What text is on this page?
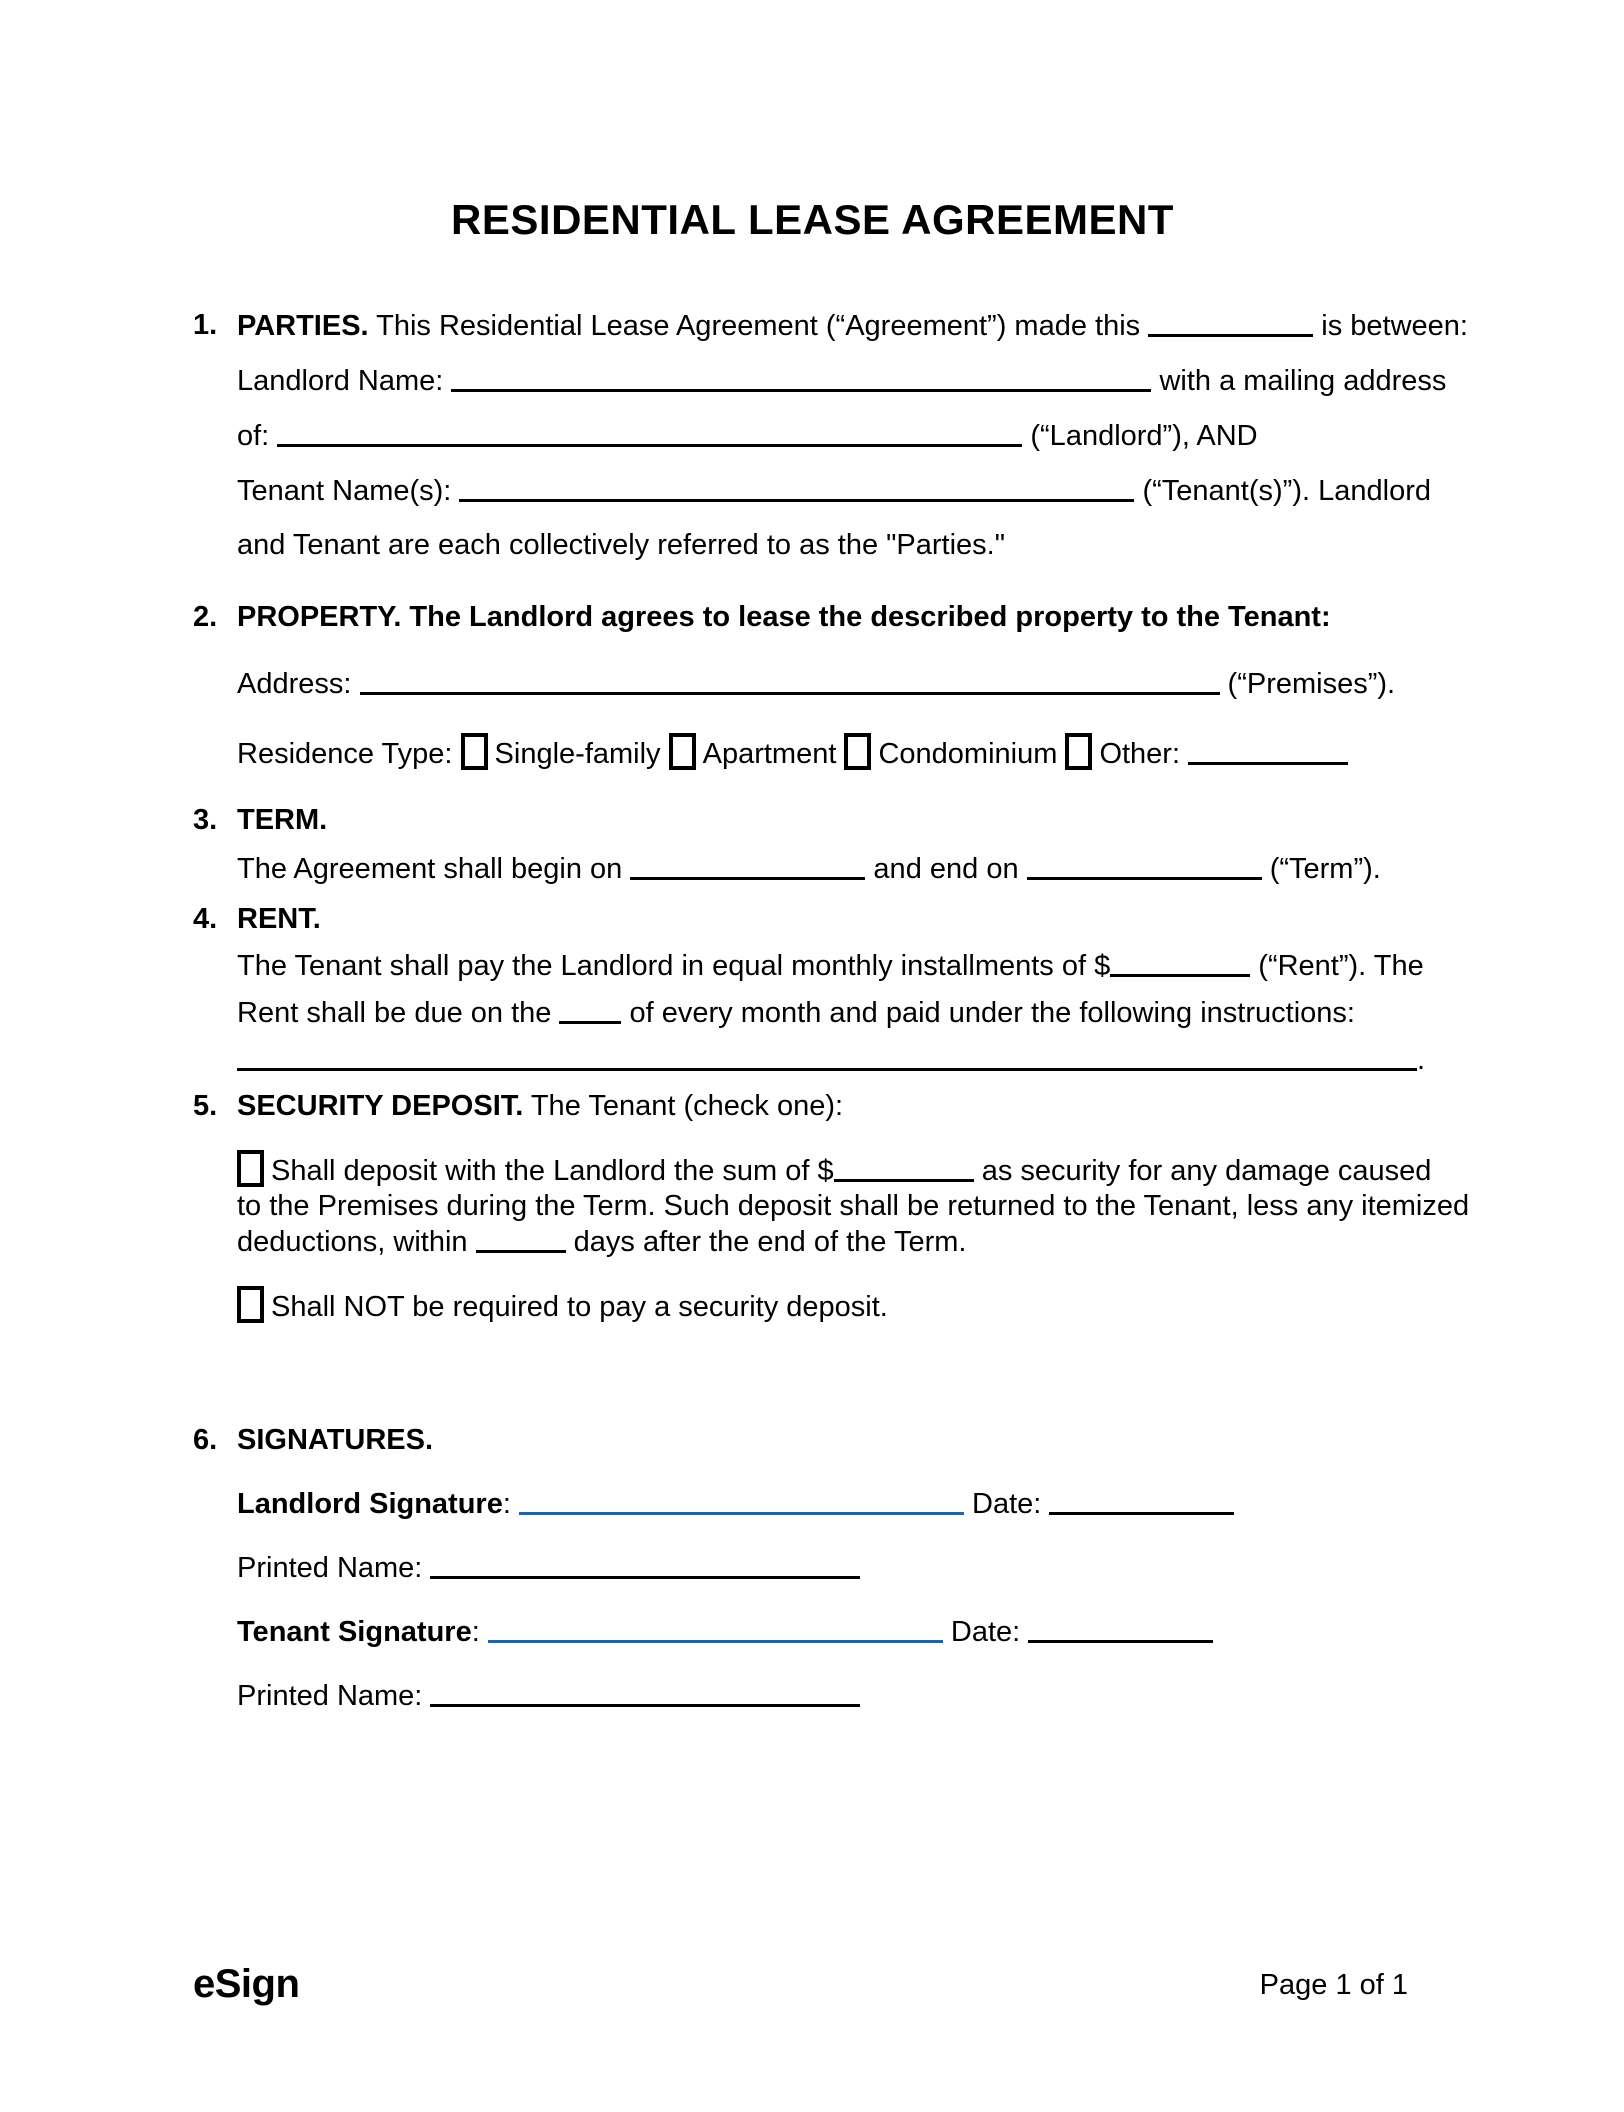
RESIDENTIAL LEASE AGREEMENT
1. PARTIES. This Residential Lease Agreement (“Agreement”) made this	is between:
Landlord Name:	with a mailing address
of:	(“Landlord”), AND
Tenant Name(s):	(“Tenant(s)”). Landlord
and Tenant are each collectively referred to as the "Parties."
2. PROPERTY. The Landlord agrees to lease the described property to the Tenant:
Address:	(“Premises”).
Residence Type: Single-family Apartment Condominium Other:
3. TERM.
The Agreement shall begin on	and end on	(“Term”).
4. RENT.
The Tenant shall pay the Landlord in equal monthly installments of $	(“Rent”). The
Rent shall be due on the  of every month and paid under the following instructions:
.
5. SECURITY DEPOSIT. The Tenant (check one):
Shall deposit with the Landlord the sum of $	as security for any damage caused
to the Premises during the Term. Such deposit shall be returned to the Tenant, less any itemized
deductions, within	days after the end of the Term.
Shall NOT be required to pay a security deposit.
6. SIGNATURES.
Landlord Signature:	Date:
Printed Name:
Tenant Signature:	Date:
Printed Name:
eSign	Page 1 of 1
